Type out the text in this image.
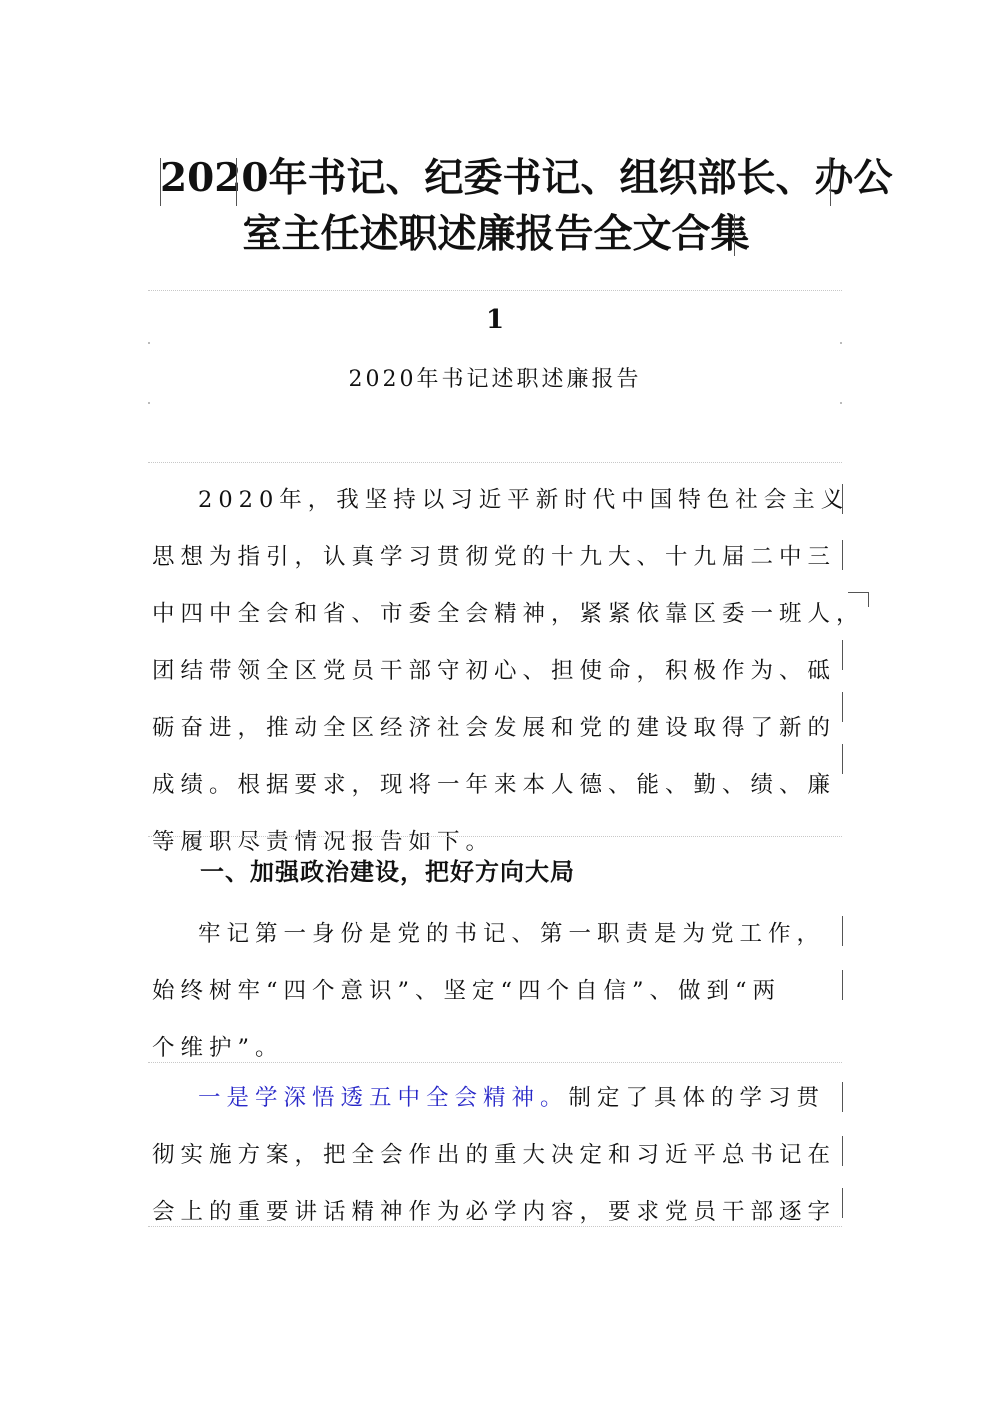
2020年书记、纪委书记、组织部长、办公
室主任述职述廉报告全文合集
1
2020年书记述职述廉报告
2020年，我坚持以习近平新时代中国特色社会主义
思想为指引，认真学习贯彻党的十九大、十九届二中三
中四中全会和省、市委全会精神，紧紧依靠区委一班人，
团结带领全区党员干部守初心、担使命，积极作为、砥
砺奋进，推动全区经济社会发展和党的建设取得了新的
成绩。根据要求，现将一年来本人德、能、勤、绩、廉
等履职尽责情况报告如下。
一、加强政治建设，把好方向大局
牢记第一身份是党的书记、第一职责是为党工作，
始终树牢“四个意识”、坚定“四个自信”、做到“两
个维护”。
一是学深悟透五中全会精神。制定了具体的学习贯
彻实施方案，把全会作出的重大决定和习近平总书记在
会上的重要讲话精神作为必学内容，要求党员干部逐字
